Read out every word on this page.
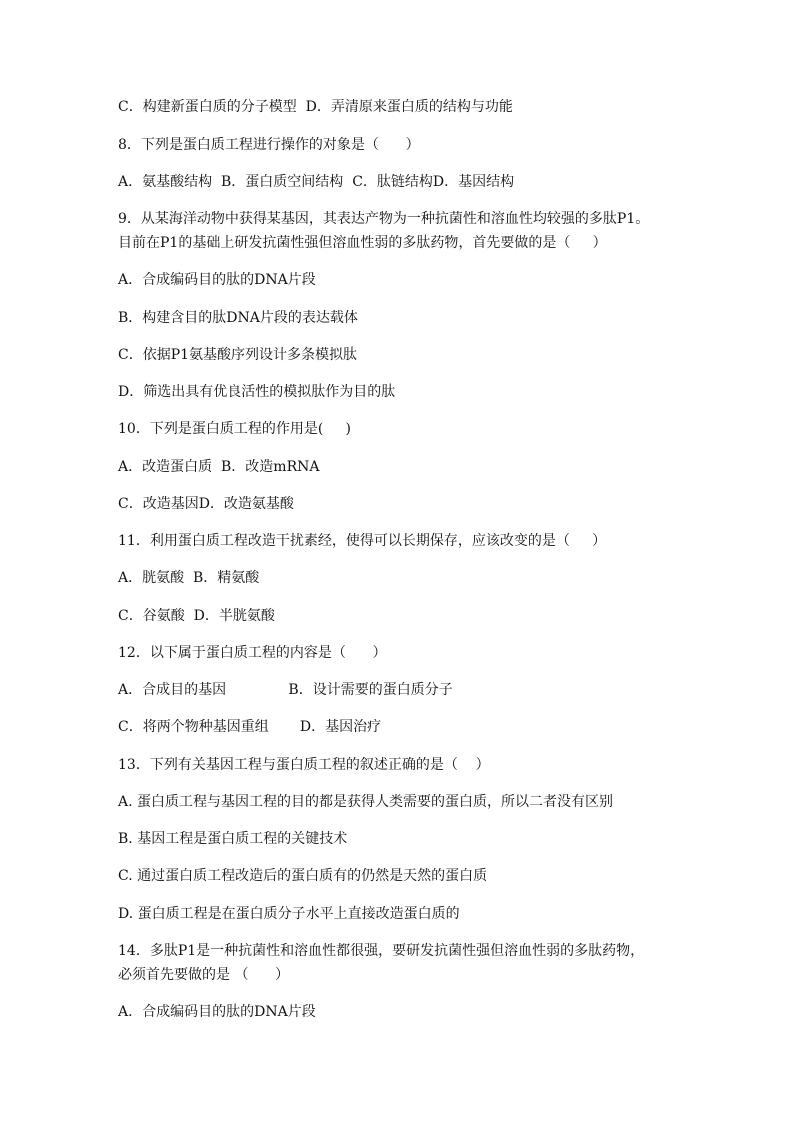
C．构建新蛋白质的分子模型  D．弄清原来蛋白质的结构与功能

8．下列是蛋白质工程进行操作的对象是（      ）

A．氨基酸结构  B．蛋白质空间结构  C．肽链结构D．基因结构

9．从某海洋动物中获得某基因，其表达产物为一种抗菌性和溶血性均较强的多肽P1。

目前在P1的基础上研发抗菌性强但溶血性弱的多肽药物，首先要做的是（     ）

A．合成编码目的肽的DNA片段

B．构建含目的肽DNA片段的表达载体

C．依据P1氨基酸序列设计多条模拟肽

D．筛选出具有优良活性的模拟肽作为目的肽

10．下列是蛋白质工程的作用是(     )

A．改造蛋白质  B．改造mRNA

C．改造基因D．改造氨基酸

11．利用蛋白质工程改造干扰素经，使得可以长期保存，应该改变的是（     ）

A．胱氨酸  B．精氨酸

C．谷氨酸  D．半胱氨酸

12．以下属于蛋白质工程的内容是（      ）

A．合成目的基因              B．设计需要的蛋白质分子

C．将两个物种基因重组       D．基因治疗

13．下列有关基因工程与蛋白质工程的叙述正确的是（    ）

A. 蛋白质工程与基因工程的目的都是获得人类需要的蛋白质，所以二者没有区别

B. 基因工程是蛋白质工程的关键技术

C. 通过蛋白质工程改造后的蛋白质有的仍然是天然的蛋白质

D. 蛋白质工程是在蛋白质分子水平上直接改造蛋白质的

14．多肽P1是一种抗菌性和溶血性都很强，要研发抗菌性强但溶血性弱的多肽药物，

必须首先要做的是 （      ）

A．合成编码目的肽的DNA片段
